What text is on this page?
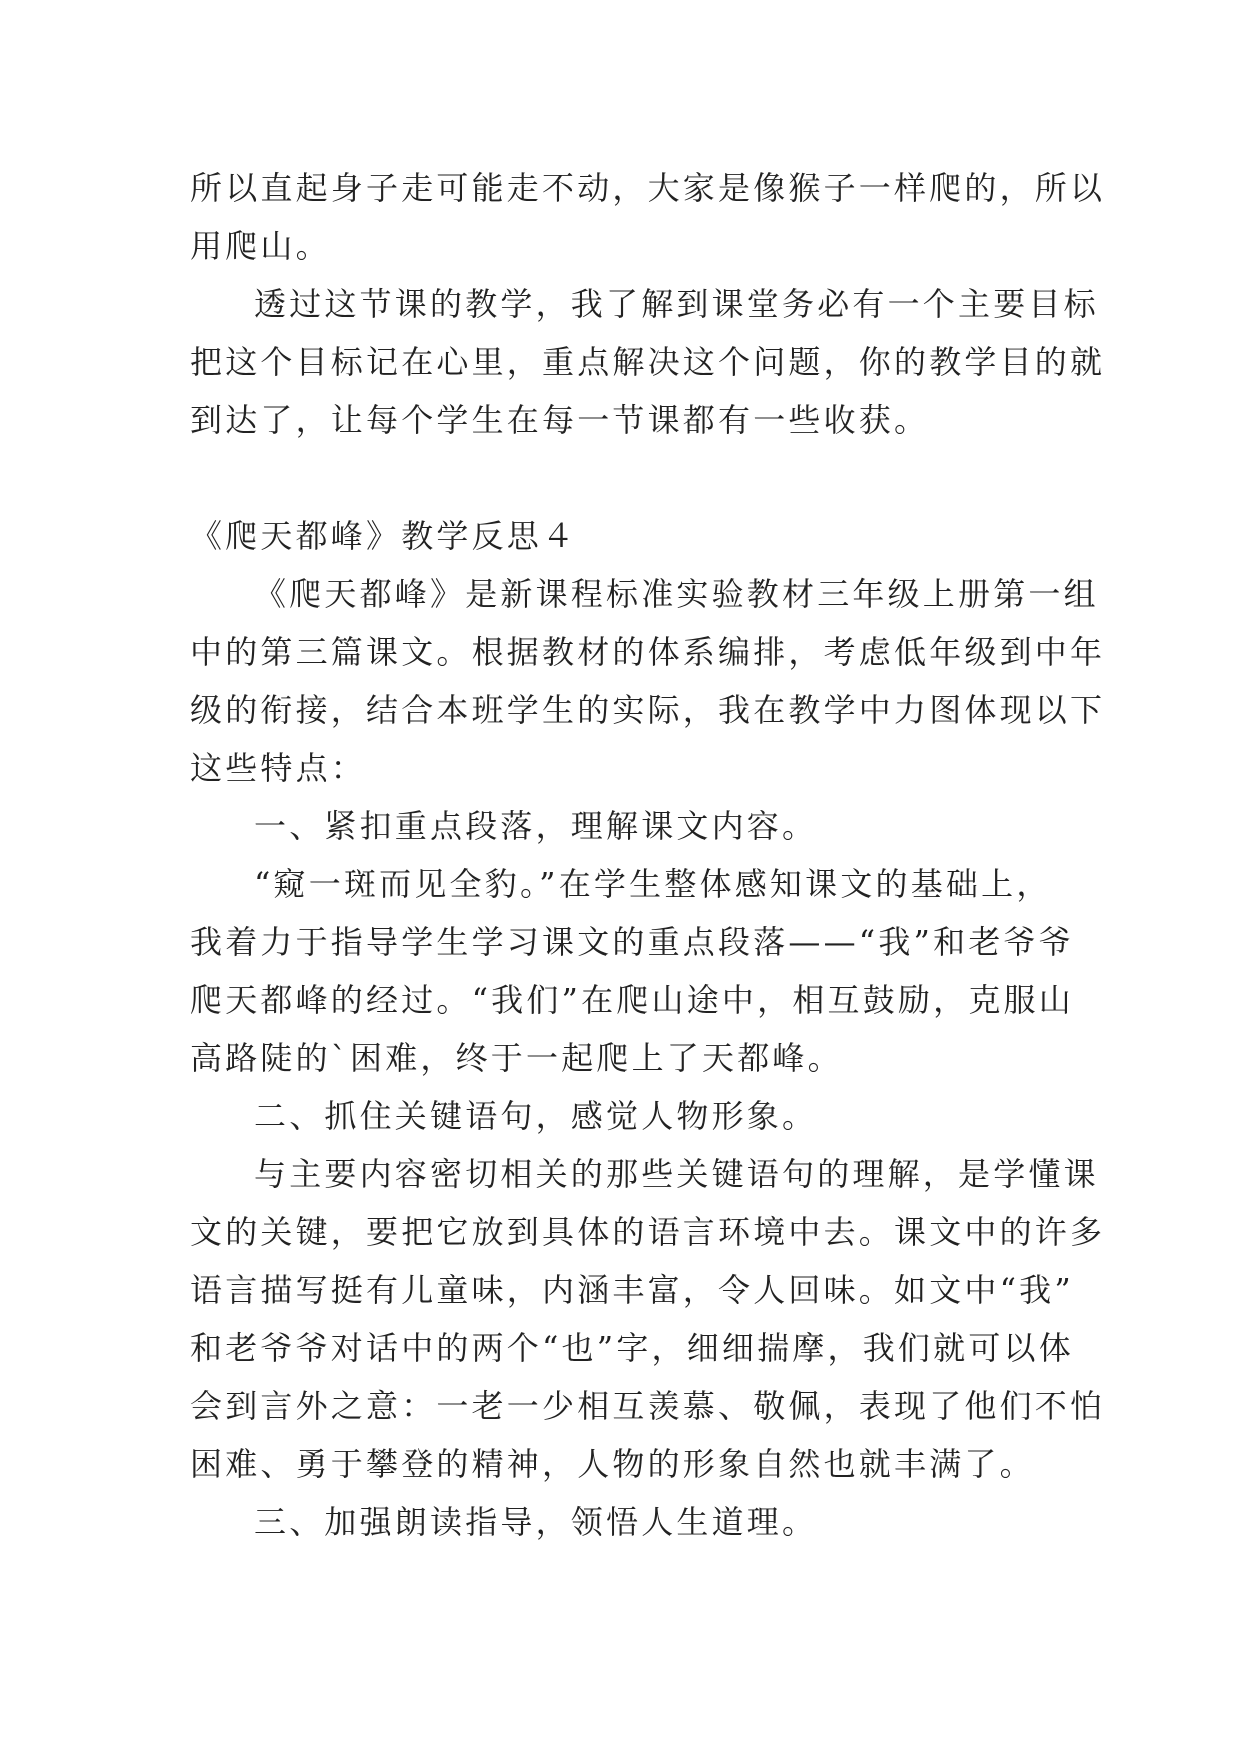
所以直起身子走可能走不动，大家是像猴子一样爬的，所以
用爬山。
透过这节课的教学，我了解到课堂务必有一个主要目标
把这个目标记在心里，重点解决这个问题，你的教学目的就
到达了，让每个学生在每一节课都有一些收获。
《爬天都峰》教学反思４
《爬天都峰》是新课程标准实验教材三年级上册第一组
中的第三篇课文。根据教材的体系编排，考虑低年级到中年
级的衔接，结合本班学生的实际，我在教学中力图体现以下
这些特点：
一、紧扣重点段落，理解课文内容。
“窥一斑而见全豹。”在学生整体感知课文的基础上，
我着力于指导学生学习课文的重点段落——“我”和老爷爷
爬天都峰的经过。“我们”在爬山途中，相互鼓励，克服山
高路陡的`困难，终于一起爬上了天都峰。
二、抓住关键语句，感觉人物形象。
与主要内容密切相关的那些关键语句的理解，是学懂课
文的关键，要把它放到具体的语言环境中去。课文中的许多
语言描写挺有儿童味，内涵丰富，令人回味。如文中“我”
和老爷爷对话中的两个“也”字，细细揣摩，我们就可以体
会到言外之意：一老一少相互羡慕、敬佩，表现了他们不怕
困难、勇于攀登的精神，人物的形象自然也就丰满了。
三、加强朗读指导，领悟人生道理。
